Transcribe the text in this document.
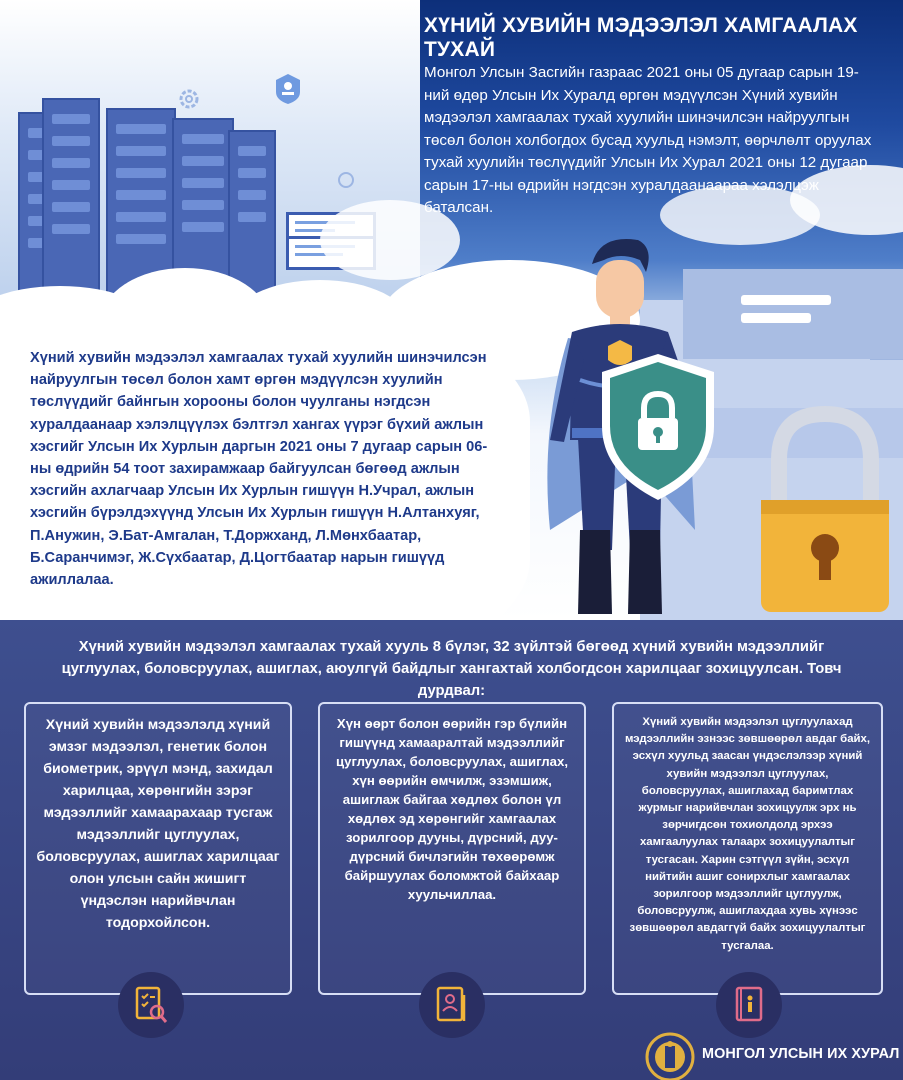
ХҮНИЙ ХУВИЙН МЭДЭЭЛЭЛ ХАМГААЛАХ ТУХАЙ
Монгол Улсын Засгийн газраас 2021 оны 05 дугаар сарын 19-ний өдөр Улсын Их Хуралд өргөн мэдүүлсэн Хүний хувийн мэдээлэл хамгаалах тухай хуулийн шинэчилсэн найруулгын төсөл болон холбогдох бусад хуульд нэмэлт, өөрчлөлт оруулах тухай хуулийн төслүүдийг Улсын Их Хурал 2021 оны 12 дугаар сарын 17-ны өдрийн нэгдсэн хуралдаанаараа хэлэлцэж баталсан.
Хүний хувийн мэдээлэл хамгаалах тухай хуулийн шинэчилсэн найруулгын төсөл болон хамт өргөн мэдүүлсэн хуулийн төслүүдийг байнгын хорооны болон чуулганы нэгдсэн хуралдаанаар хэлэлцүүлэх бэлтгэл хангах үүрэг бүхий ажлын хэсгийг Улсын Их Хурлын даргын 2021 оны 7 дугаар сарын 06-ны өдрийн 54 тоот захирамжаар байгуулсан бөгөөд ажлын хэсгийн ахлагчаар Улсын Их Хурлын гишүүн Н.Учрал, ажлын хэсгийн бүрэлдэхүүнд Улсын Их Хурлын гишүүн Н.Алтанхуяг, П.Анужин, Э.Бат-Амгалан, Т.Доржханд, Л.Мөнхбаатар, Б.Саранчимэг, Ж.Сүхбаатар, Д.Цогтбаатар нарын гишүүд ажиллалаа.
Хүний хувийн мэдээлэл хамгаалах тухай хууль 8 бүлэг, 32 зүйлтэй бөгөөд хүний хувийн мэдээллийг цуглуулах, боловсруулах, ашиглах, аюулгүй байдлыг хангахтай холбогдсон харилцааг зохицуулсан. Товч дурдвал:
Хүний хувийн мэдээлэлд хүний эмзэг мэдээлэл, генетик болон биометрик, эрүүл мэнд, захидал харилцаа, хөрөнгийн зэрэг мэдээллийг хамаарахаар тусгаж мэдээллийг цуглуулах, боловсруулах, ашиглах харилцааг олон улсын сайн жишигт үндэслэн нарийвчлан тодорхойлсон.
Хүн өөрт болон өөрийн гэр бүлийн гишүүнд хамааралтай мэдээллийг цуглуулах, боловсруулах, ашиглах, хүн өөрийн өмчилж, эзэмшиж, ашиглаж байгаа хөдлөх болон үл хөдлөх эд хөрөнгийг хамгаалах зорилгоор дууны, дүрсний, дуу-дүрсний бичлэгийн төхөөрөмж байршуулах боломжтой байхаар хуульчиллаа.
Хүний хувийн мэдээлэл цуглуулахад мэдээллийн эзнээс зөвшөөрөл авдаг байх, эсхүл хуульд заасан үндэслэлээр хүний хувийн мэдээлэл цуглуулах, боловсруулах, ашиглахад баримтлах журмыг нарийвчлан зохицуулж эрх нь зөрчигдсөн тохиолдолд эрхээ хамгаалуулах талаарх зохицуулалтыг тусгасан. Харин сэтгүүл зүйн, эсхүл нийтийн ашиг сонирхлыг хамгаалах зорилгоор мэдээллийг цуглуулж, боловсруулж, ашиглахдаа хувь хүнээс зөвшөөрөл авдаггүй байх зохицуулалтыг тусгалаа.
МОНГОЛ УЛСЫН ИХ ХУРАЛ
